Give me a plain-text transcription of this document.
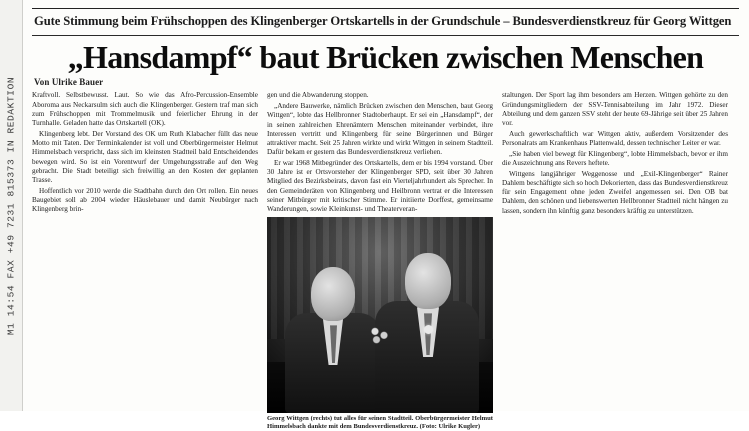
M1 14:54 FAX +49 7231 815373 IN REDAKTION
Gute Stimmung beim Frühschoppen des Klingenberger Ortskartells in der Grundschule – Bundesverdienstkreuz für Georg Wittgen
„Hansdampf“ baut Brücken zwischen Menschen
Von Ulrike Bauer

Kraftvoll. Selbstbewusst. Laut. So wie das Afro-Percussion-Ensemble Aboroma aus Neckarsulm sich auch die Klingenberger. Gestern traf man sich zum Frühschoppen mit Trommelmusik und feierlicher Ehrung in der Turnhalle. Geladen hatte das Ortskartell (OK).

Klingenberg lebt. Der Vorstand des OK um Ruth Klabacher füllt das neue Motto mit Taten. Der Terminkalender ist voll und Oberbürgermeister Helmut Himmelsbach verspricht, dass sich im kleinsten Stadtteil bald Entscheidendes bewegen wird. So ist ein Vorentwurf der Umgehungsstraße auf den Weg gebracht. Die Stadt beteiligt sich freiwillig an den Kosten der geplanten Trasse.

Hoffentlich vor 2010 werde die Stadtbahn durch den Ort rollen. Ein neues Baugebiet soll ab 2004 wieder Häuslebauer und damit Neubürger nach Klingenberg brin-

gen und die Abwanderung stoppen.

„Andere Bauwerke, nämlich Brücken zwischen den Menschen, baut Georg Wittgen“, lobte das Hellbronner Stadtoberhaupt. Er sei ein „Hansdampf“, der in seinen zahlreichen Ehrenämtern Menschen miteinander verbindet, ihre Interessen vertritt und Klingenberg für seine Bürgerinnen und Bürger attraktiver macht. Seit 25 Jahren wirkte und wirkt Wittgen in seinem Stadtteil. Dafür bekam er gestern das Bundesverdienstkreuz verliehen.

Er war 1968 Mitbegründer des Ortskartells, dem er bis 1994 vorstand. Über 30 Jahre ist er Ortsvorsteher der Klingenberger SPD, seit über 30 Jahren Mitglied des Bezirksbeirats, davon fast ein Vierteljahrhundert als Sprecher. In den Gemeinderäten von Klingenberg und Heilbronn vertrat er die Interessen seiner Mitbürger mit kritischer Stimme. Er initiierte Dorffest, gemeinsame Wanderungen, sowie Kleinkunst- und Theaterveran-

Georg Wittgen (rechts) tut alles für seinen Stadtteil. Oberbürgermeister Helmut Himmelsbach dankte mit dem Bundesverdienstkreuz. (Foto: Ulrike Kugler)

staltungen. Der Sport lag ihm besonders am Herzen. Wittgen gehörte zu den Gründungsmitgliedern der SSV-Tennisabteilung im Jahr 1972. Dieser Abteilung und dem ganzen SSV steht der heute 69-Jährige seit über 25 Jahren vor.

Auch gewerkschaftlich war Wittgen aktiv, außerdem Vorsitzender des Personalrats am Krankenhaus Plattenwald, dessen technischer Leiter er war.

„Sie haben viel bewegt für Klingenberg“, lobte Himmelsbach, bevor er ihm die Auszeichnung ans Revers heftete.

Wittgens langjähriger Weggenosse und „Exil-Klingenberger“ Rainer Dahlem beschäftigte sich so hoch Dekorierten, dass das Bundesverdienstkreuz für sein Engagement ohne jeden Zweifel angemessen sei. Den OB bat Dahlem, den schönen und liebenswerten Hellbronner Stadtteil nicht hängen zu lassen, sondern ihn künftig ganz besonders kräftig zu unterstützen.
